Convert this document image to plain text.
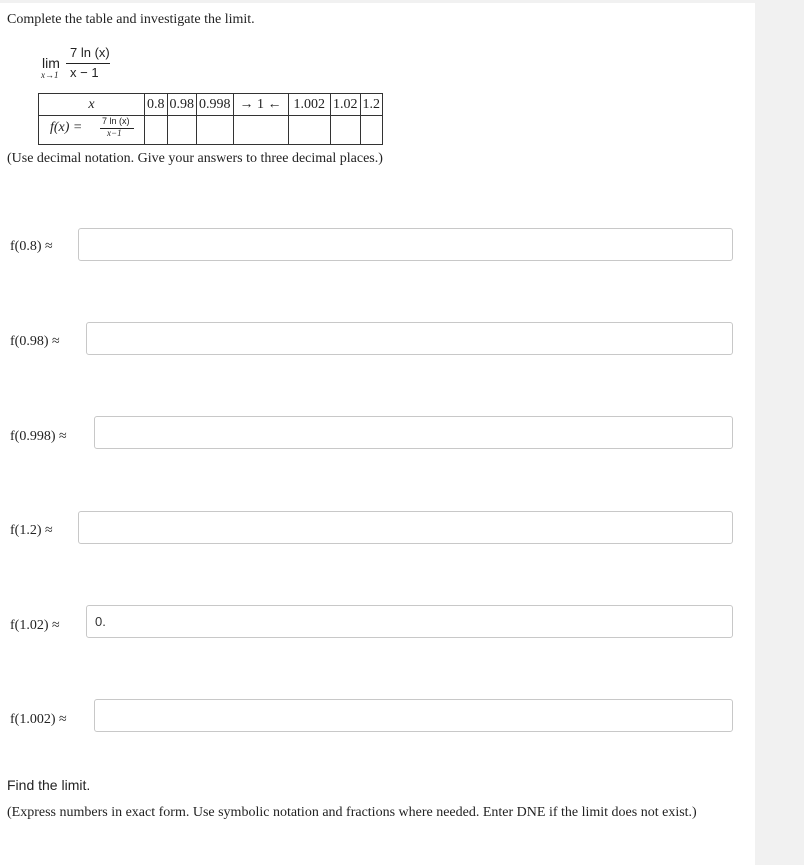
Complete the table and investigate the limit.
lim
x→1
7 ln (x)
x − 1
x	0.8	0.98	0.998	→ 1 ←	1.002	1.02	1.2

f(x) = 7 ln (x)
x−1							

(Use decimal notation. Give your answers to three decimal places.)
f(0.8) ≈
f(0.98) ≈
f(0.998) ≈
f(1.2) ≈
f(1.02) ≈	0.
f(1.002) ≈
Find the limit.
(Express numbers in exact form. Use symbolic notation and fractions where needed. Enter DNE if the limit does not exist.)
